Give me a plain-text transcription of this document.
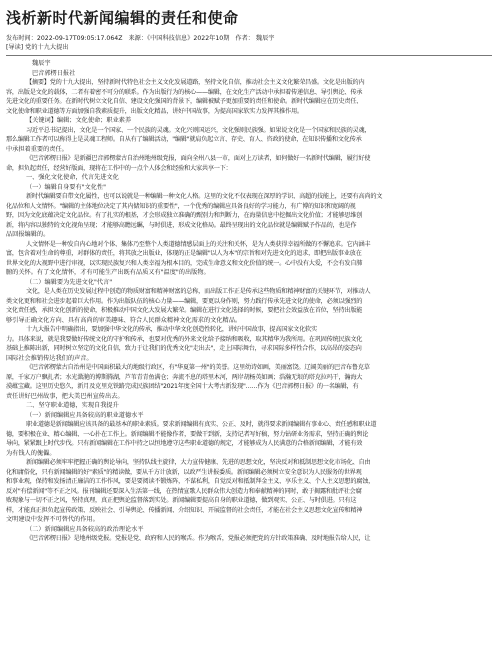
浅析新时代新闻编辑的责任和使命
发布时间：2022-09-17T09:05:17.064Z 来源：《中国科技信息》2022年10期 作者： 魏辰宇
[导读] 党的十九大提出
魏辰宇
巴音郭楞日报社
【摘要】党的十九大提出，坚持新时代特色社会主义文化发展道路，坚持文化自信，推动社会主义文化繁荣昌盛。文化是出版的内
容，出版是文化的载体，二者有着密不可分的联系。作为出版行为的核心——编辑，在文化生产活动中承担着传递信息、导引舆论、传承
先进文化的重要任务。在新时代树立文化自信、建设文化强国的背景下，编辑被赋予更加重要的责任和使命。新时代编辑应在历史责任、
文化使命和职业道德等方面加强自我素质提升，出版文化精品，讲好中国故事，为提高国家软实力发挥其推作用。
【关键词】编辑；文化使命；职业素养
习近平总书记提出，文化是一个国家、一个民族的灵魂。文化兴则国运兴，文化强则民族强。如果说文化是一个国家和民族的灵魂，
那么编辑工作者可以称得上是灵魂工程师。自从有了编辑活动，"编辑"就肩负起立言、存史、育人、咨政的使命，在知识传播和文化传承
中承担着重要的责任。
《巴音郭楞日报》是新疆巴音郭楞蒙古自治州地州级党报，面向全州八县一市，面对上万读者，如何做好一名新时代编辑，履行好使
命，担负起责任，经营好版面，现将在工作中的一点个人体会和经验和大家共享一下：
一、强化文化使命，代言先进文化
（一）编辑自身要有"文化性"
新时代编辑要自带文化属性，也可以说就是一种编辑一种文化人格。这里的文化不仅表现在深厚的学识、高超的技能上，还要有高尚的文
化品位和人文情怀。"编辑的主体地位决定了其内储知识的重要性"，一个优秀的编辑应具备良好的学习能力，有广博的知识和宽阔的视
野，因为文化底蕴决定文化品位。有了扎实的根基，才会形成独立准确的甄别力和判断力，在海量信息中挖掘出文化价值；才能够思维创
新，将内容以独特的文化视角呈现；才能够高瞻远瞩，与时俱进，形成文化格局。最终呈现出的文化品位就是编辑赋予作品的，也是作
品回报编辑的。
人文情怀是一种发自内心地对个体、集体乃至整个人类道德情感层面上的关注和关怀，是为人类获得幸福所做的不懈追求。它内涵丰
富，包含着对生命的尊重，对群体的责任，将其放之出版业，体现的正是编辑"以人为本"的宗旨和对先进文化的追求，即把出版事业放在
世界文化的大视野中进行审视，以实现民族复兴和人类幸福为根本目的，完成生命意义和文化价值的统一。心中没有大爱，不会有发自肺
腑的关怀。有了文化情怀，才有可能生产出既有品质又有"温度"的出版物。
（二）编辑要为先进文化"代言"
文化，是人类在历史发展过程中创造的物质财富和精神财富的总称，而出版工作正是传承这些物质和精神财富的关键环节，对推动人
类文化更和和社会进步起着巨大作用。作为出版队伍的核心力量——编辑，要更以身作则，努力践行传承先进文化的使命，必须以强烈的
文化责任感，承担文化创新的使命，积极推动中国文化大发展大繁荣。编辑在进行文化选择的时候，要把社会效益放在首位，坚持出版能
够引导正确文化方向、具有高尚的审美趣味、符合人民群众精神文化需求的文化精品。
十九大报告中明确指出，要加强中华文化的传承，推动中华文化创造性转化，讲好中国故事，提高国家文化软实
力。具体来说，就是我要做好传统文化的守护和传承，也要对优秀的外来文化给予接纳和吸收，取其精华为我所用。在巩固传统民族文化
基础上推陈出新，同时树立坚定的文化自信，致力于让我们的优秀文化"走出去"，走上国际舞台，寻求国际多样性合作，以高昂的姿态向
国际社会推销传达我们的声音。
《巴音郭楞蒙古自治州是中国面积最大的地级行政区，有"华夏第一州"的美誉。这里幼诗如画，美丽富饶。辽阔美丽的巴音布鲁克草
原，千家万户飘扎者；水光潋滟的博斯腾湖，芦苇青青鱼满仓；奔流不息的塔里木河，两岸胡杨英如画；浩瀚无垠的塔克拉玛干，瀚海大
漠蕴宝藏。这里历史悠久，新月及克里克铁路完成民族团结"2021年度全国十大考古新发现"……作为《巴音郭楞日报》的一名编辑，有
责任讲好巴州故事，把大美巴州宣传出去。
二、坚守职业道德，实现自我提升
（一）新闻编辑应具备较高的职业道德水平
职业道德是新闻编辑应该具备的最基本的职业素质。要求新闻编辑有真实、公正、及时，就得要求新闻编辑有事业心、责任感和职业道
德，要积极在业、精心编辑、一心扑在工作上。新闻编辑不能像作者，要做干到新，支持记者写好稿，努力钻研业务需求，坚持正确的舆论
导向，紧紧跟上时代步伐。只有新闻编辑在工作中持之以恒地遵守这些职业道德的规定，才能够成为人民满意的合格新闻编辑，才能有效
为有钱人的傀儡。
新闻编辑必须牢牢把握正确的舆论导向，坚持队线主旋律，大力宣传健康、先进的思想文化，坚决反对和抵制思想文化市场化、自由
化和庸俗化，只有新闻编辑的好"素质"的精读做，要从千方计放新，以政严生讲报委质。新闻编辑必须树立安全意识为人民服务的世界观
和事业观，保持和发扬清正廉洁的工作作风，要是要阅读不锻炼阵，不谋私利，自觉反对和抵制拜金主义、享乐主义、个人主义思想的腐蚀，
反对"有偿新闻"等不正之风。报刊编辑还要深入生活第一线，在热情宣歌人民群众伟大创造力和奉献精神的同时，敢于揭露和批评社会腐
败现象与一切不正之风，坚持真理，真正把舆论监督落到实处。新闻编辑要提高自身的职业道德，做到观实、公正、与时俱进。只有这
样，才能真正担负起宣传政策、反映社会、引导舆论、传播新闻、介绍知识、开展监督的社会责任，才能在社会主义思想文化宣传和精神
文明建设中发挥不可替代的作用。
（二）新闻编辑应具备较高的政治理论水平
《巴音郭楞日报》是地州级党报。党报是党、政府和人民的喉舌。作为喉舌，党报必须把党的方针政策准确、及时地报告给人民，让
